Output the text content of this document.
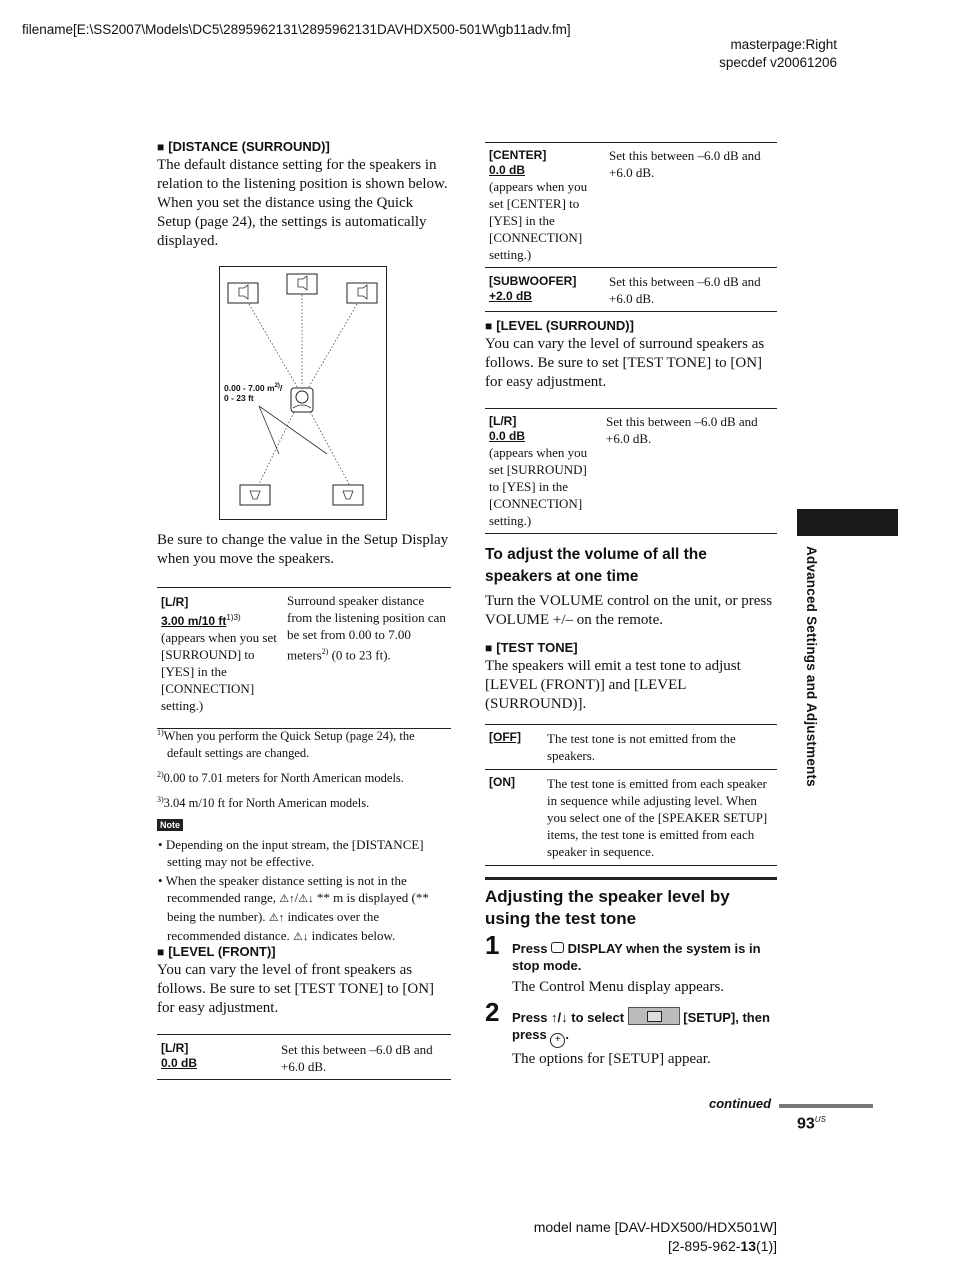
filename[E:\SS2007\Models\DC5\2895962131\2895962131DAVHDX500-501W\gb11adv.fm]
masterpage:Right
specdef v20061206
Advanced Settings and Adjustments

■ [DISTANCE (SURROUND)]

The default distance setting for the speakers in relation to the listening position is shown below. When you set the distance using the Quick Setup (page 24), the settings is automatically displayed.

0.00 - 7.00 $m^{2)}/$
0 - 23 ft

Be sure to change the value in the Setup Display when you move the speakers.

[L/R]
3.00 m/10 $ft^{1)3)}$
(appears when you set [SURROUND] to [YES] in the [CONNECTION] setting.)
	Surround speaker distance from the listening position can be set from 0.00 to 7.00 meters$^{2)}$ (0 to 23 ft).

$^{1)}$When you perform the Quick Setup (page 24), the default settings are changed.

$^{2)}$0.00 to 7.01 meters for North American models.

$^{3)}$3.04 m/10 ft for North American models.

Note

• Depending on the input stream, the [DISTANCE] setting may not be effective.

• When the speaker distance setting is not in the recommended range, ⚠↑/⚠↓ ** m is displayed (** being the number). ⚠↑ indicates over the recommended distance. ⚠↓ indicates below.

■ [LEVEL (FRONT)]

You can vary the level of front speakers as follows. Be sure to set [TEST TONE] to [ON] for easy adjustment.

[L/R]
0.0 dB
	Set this between –6.0 dB and +6.0 dB.
[CENTER]
0.0 dB
(appears when you set [CENTER] to [YES] in the [CONNECTION] setting.)	Set this between –6.0 dB and +6.0 dB.

[SUBWOOFER]
+2.0 dB	Set this between –6.0 dB and +6.0 dB.

■ [LEVEL (SURROUND)]

You can vary the level of surround speakers as follows. Be sure to set [TEST TONE] to [ON] for easy adjustment.

[L/R]
0.0 dB
(appears when you set [SURROUND] to [YES] in the [CONNECTION] setting.)
	Set this between –6.0 dB and +6.0 dB.

To adjust the volume of all the speakers at one time

Turn the VOLUME control on the unit, or press VOLUME +/– on the remote.

■ [TEST TONE]

The speakers will emit a test tone to adjust [LEVEL (FRONT)] and [LEVEL (SURROUND)].

[OFF]	The test tone is not emitted from the speakers.
[ON]	The test tone is emitted from each speaker in sequence while adjusting level. When you select one of the [SPEAKER SETUP] items, the test tone is emitted from each speaker in sequence.

Adjusting the speaker level by using the test tone

1 Press  DISPLAY when the system is in stop mode.

The Control Menu display appears.

2 Press ↑/↓ to select	[SETUP], then press + .

The options for [SETUP] appear.

continued
$93^{US}$
model name [DAV-HDX500/HDX501W]
[2-895-962-13(1)]
